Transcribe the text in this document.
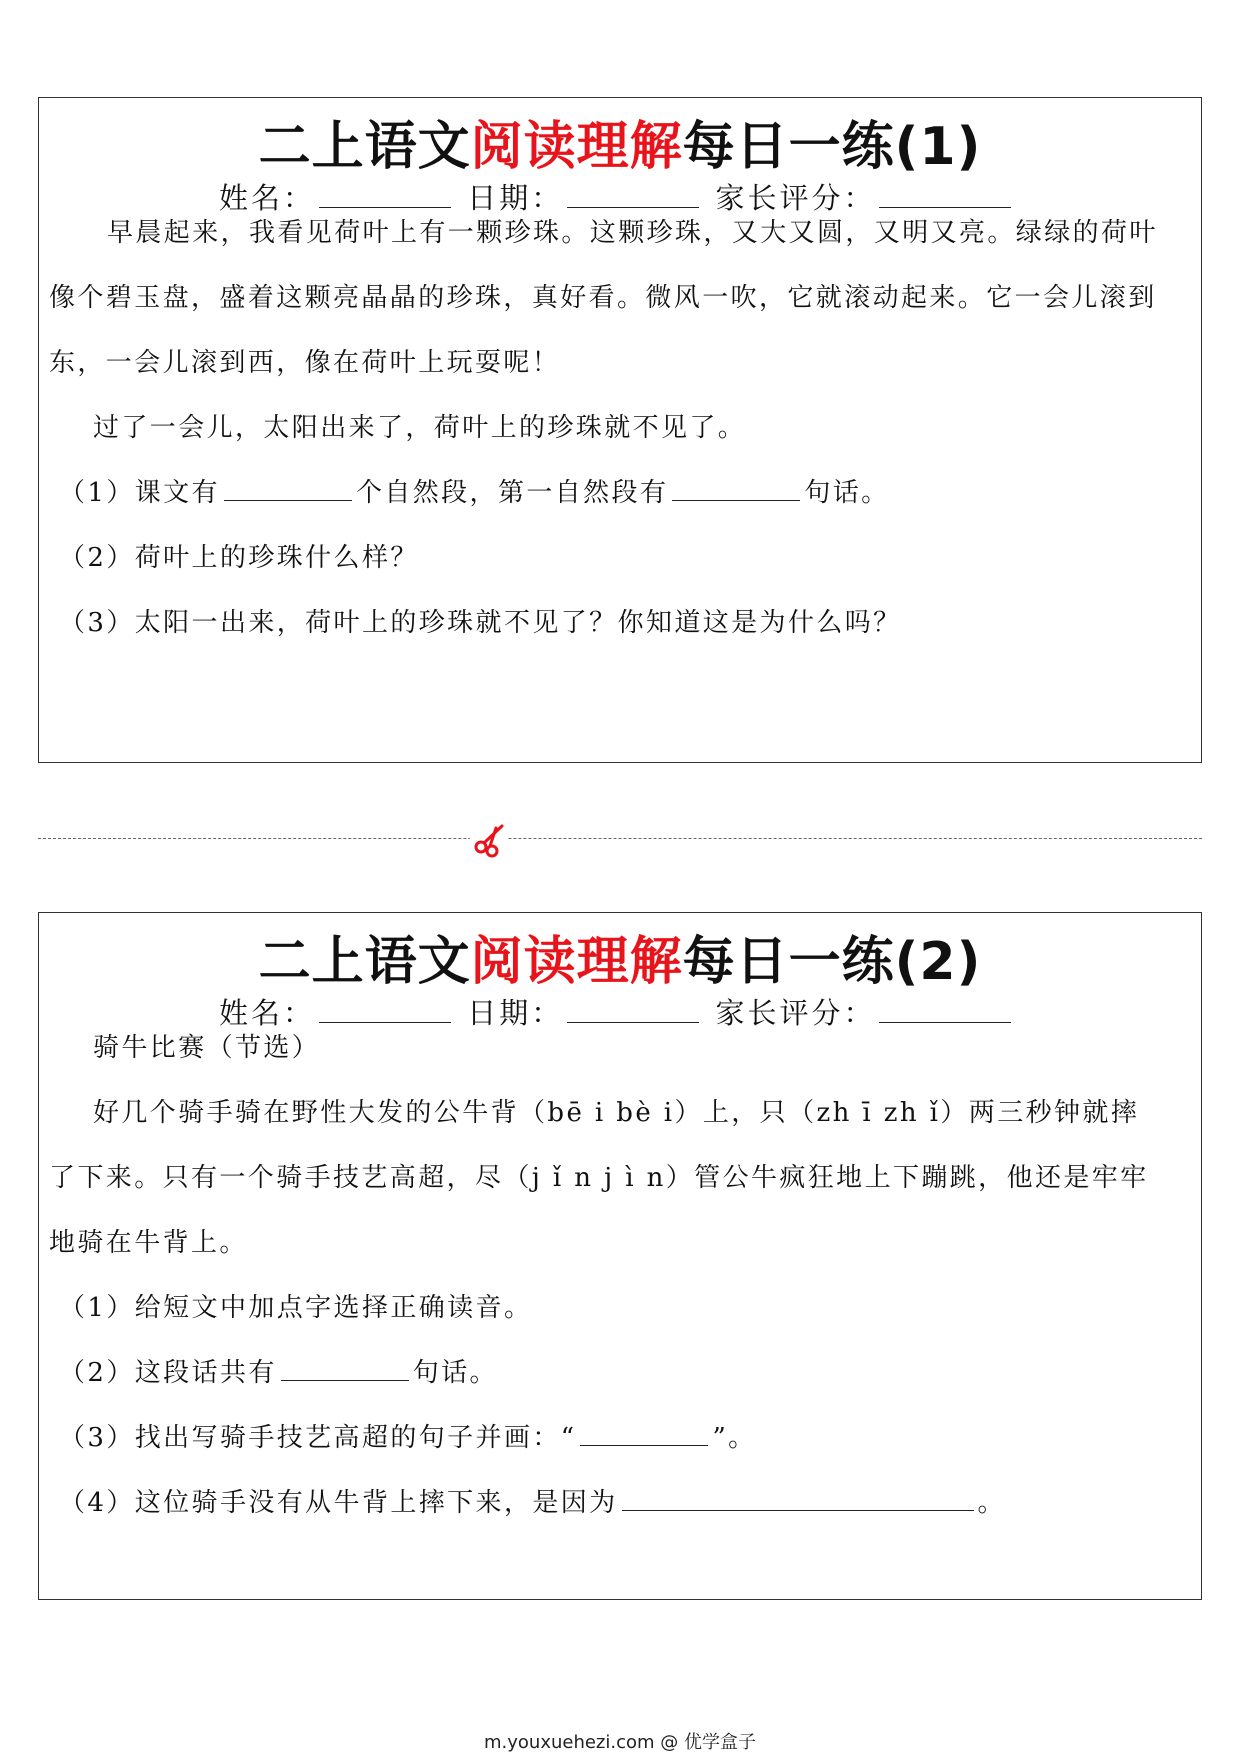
二上语文阅读理解每日一练(1)
姓名：	日期：	家长评分：
早晨起来，我看见荷叶上有一颗珍珠。这颗珍珠，又大又圆，又明又亮。绿绿的荷叶
像个碧玉盘，盛着这颗亮晶晶的珍珠，真好看。微风一吹，它就滚动起来。它一会儿滚到
东，一会儿滚到西，像在荷叶上玩耍呢！
过了一会儿，太阳出来了，荷叶上的珍珠就不见了。
（1）课文有	个自然段，第一自然段有	句话。
（2）荷叶上的珍珠什么样？
（3）太阳一出来，荷叶上的珍珠就不见了？你知道这是为什么吗？
二上语文阅读理解每日一练(2)
姓名：	日期：	家长评分：
骑牛比赛（节选）
好几个骑手骑在野性大发的公牛背（bē i bè i）上，只（zh ī zh ǐ）两三秒钟就摔
了下来。只有一个骑手技艺高超，尽（j ǐ n j ì n）管公牛疯狂地上下蹦跳，他还是牢牢
地骑在牛背上。
（1）给短文中加点字选择正确读音。
（2）这段话共有	句话。
（3）找出写骑手技艺高超的句子并画：“	”。
（4）这位骑手没有从牛背上摔下来，是因为	。
m.youxuehezi.com @ 优学盒子
